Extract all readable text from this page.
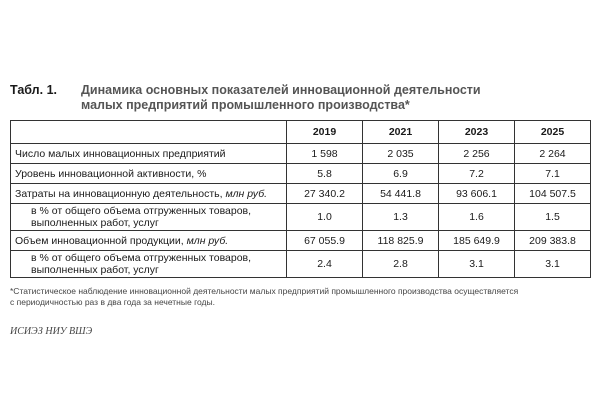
Табл. 1.	Динамика основных показателей инновационной деятельности
малых предприятий промышленного производства*
	2019	2021	2023	2025
Число малых инновационных предприятий	1 598	2 035	2 256	2 264
Уровень инновационной активности, %	5.8	6.9	7.2	7.1
Затраты на инновационную деятельность, млн руб.	27 340.2	54 441.8	93 606.1	104 507.5

в % от общего объема отгруженных товаров,
выполненных работ, услуг	1.0	1.3	1.6	1.5
Объем инновационной продукции, млн руб.	67 055.9	118 825.9	185 649.9	209 383.8

в % от общего объема отгруженных товаров,
выполненных работ, услуг	2.4	2.8	3.1	3.1
*Статистическое наблюдение инновационной деятельности малых предприятий промышленного производства осуществляется
с периодичностью раз в два года за нечетные годы.
ИСИЭЗ НИУ ВШЭ
